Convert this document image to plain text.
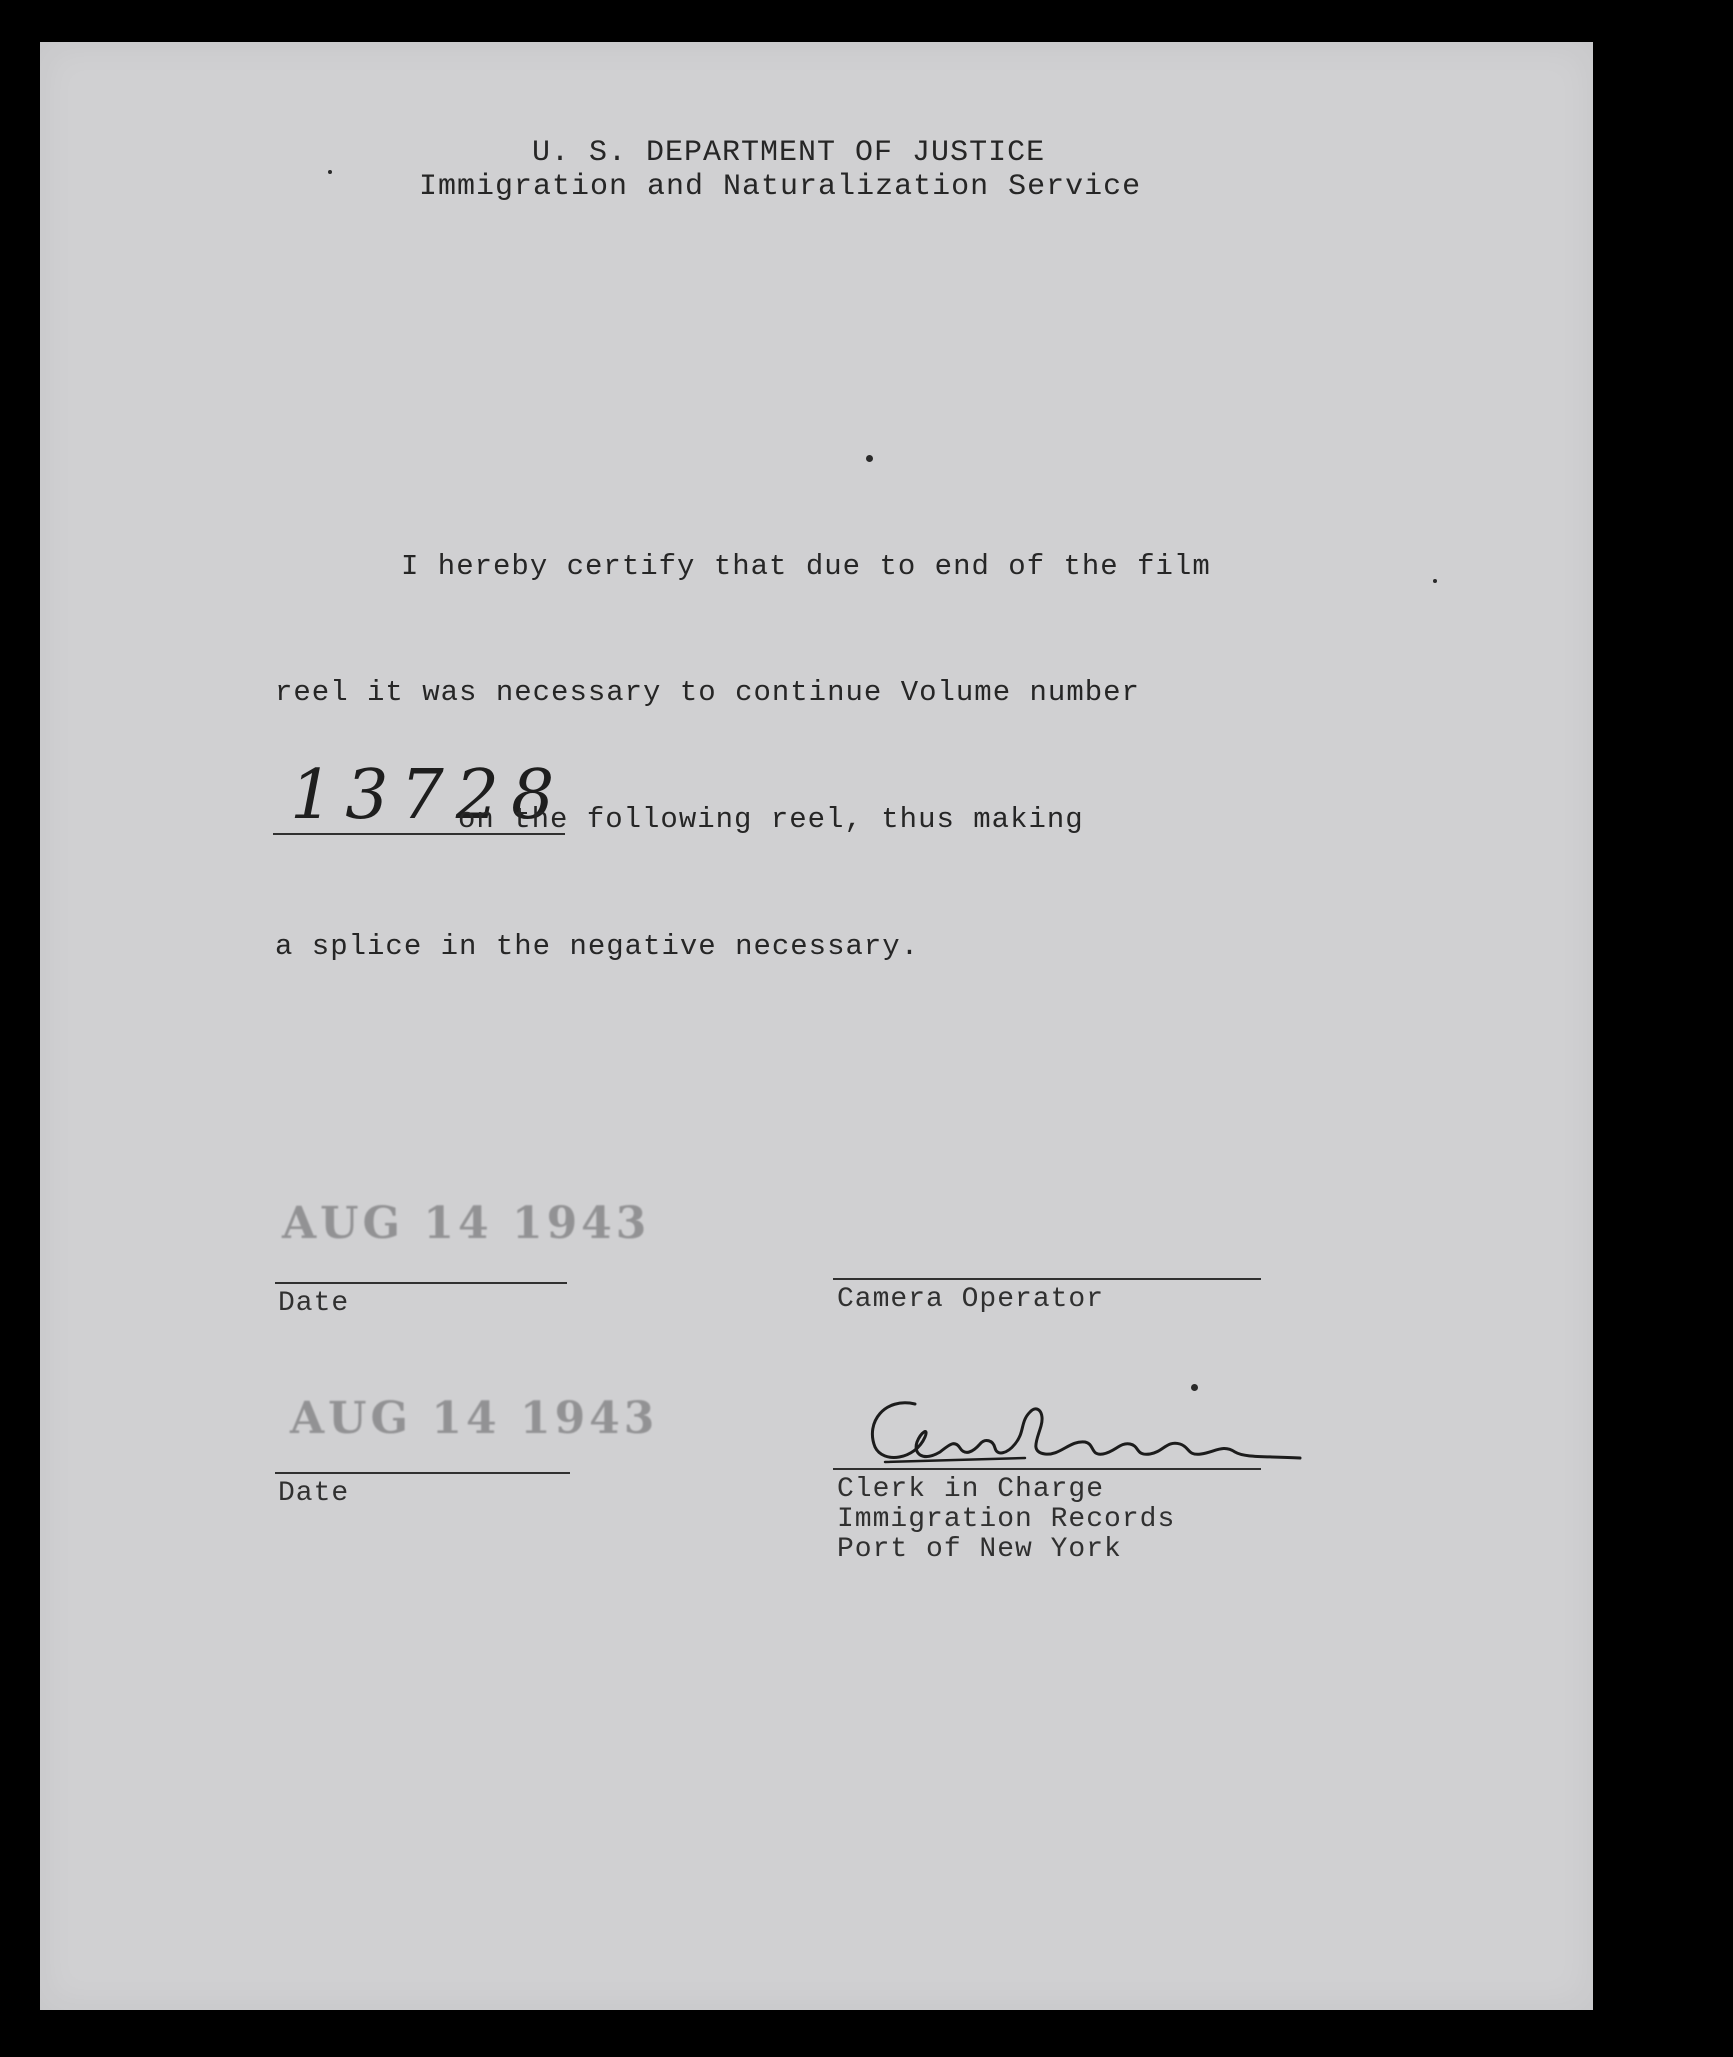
U. S. DEPARTMENT OF JUSTICE
Immigration and Naturalization Service
I hereby certify that due to end of the film
reel it was necessary to continue Volume number
13728
on the following reel, thus making
a splice in the negative necessary.
AUG 14 1943
Date	Camera Operator
AUG 14 1943
Date	Clerk in Charge
Immigration Records
Port of New York
